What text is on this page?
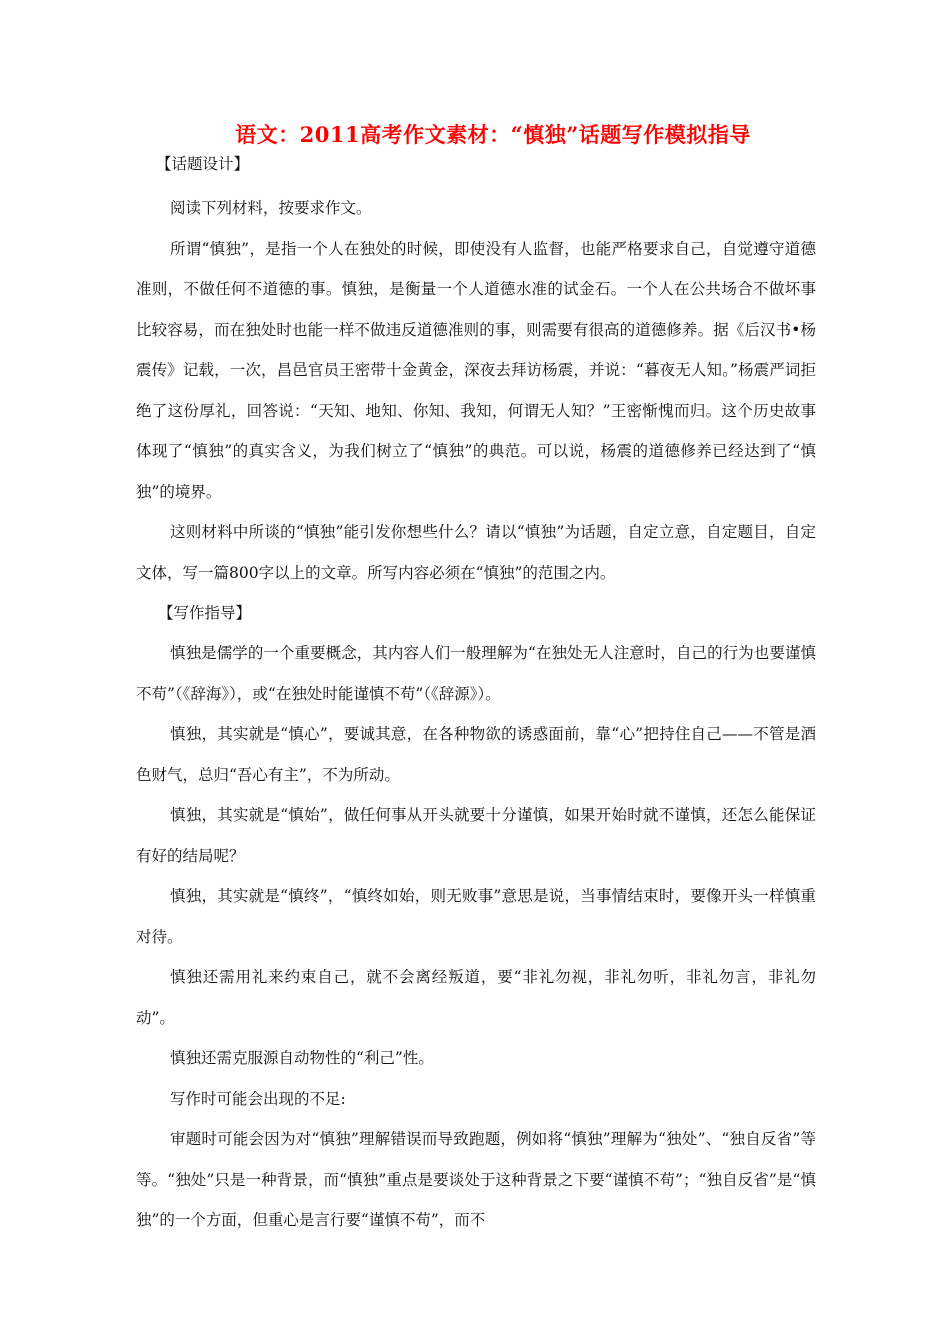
语文：2011高考作文素材：“慎独”话题写作模拟指导
【话题设计】

阅读下列材料，按要求作文。

所谓“慎独”，是指一个人在独处的时候，即使没有人监督，也能严格要求自己，自觉遵守道德准则，不做任何不道德的事。慎独，是衡量一个人道德水准的试金石。一个人在公共场合不做坏事比较容易，而在独处时也能一样不做违反道德准则的事，则需要有很高的道德修养。据《后汉书•杨震传》记载，一次，昌邑官员王密带十金黄金，深夜去拜访杨震，并说：“暮夜无人知。”杨震严词拒绝了这份厚礼，回答说：“天知、地知、你知、我知，何谓无人知？”王密惭愧而归。这个历史故事体现了“慎独”的真实含义，为我们树立了“慎独”的典范。可以说，杨震的道德修养已经达到了“慎独”的境界。

这则材料中所谈的“慎独”能引发你想些什么？请以“慎独”为话题，自定立意，自定题目，自定文体，写一篇800字以上的文章。所写内容必须在“慎独”的范围之内。

【写作指导】

慎独是儒学的一个重要概念，其内容人们一般理解为“在独处无人注意时，自己的行为也要谨慎不苟”（《辞海》），或“在独处时能谨慎不苟”（《辞源》）。

慎独，其实就是“慎心”，要诚其意，在各种物欲的诱惑面前，靠“心”把持住自己——不管是酒色财气，总归“吾心有主”，不为所动。

慎独，其实就是“慎始”，做任何事从开头就要十分谨慎，如果开始时就不谨慎，还怎么能保证有好的结局呢？

慎独，其实就是“慎终”，“慎终如始，则无败事”意思是说，当事情结束时，要像开头一样慎重对待。

慎独还需用礼来约束自己，就不会离经叛道，要“非礼勿视，非礼勿听，非礼勿言，非礼勿动”。

慎独还需克服源自动物性的“利己”性。

写作时可能会出现的不足:

审题时可能会因为对“慎独”理解错误而导致跑题，例如将“慎独”理解为“独处”、“独自反省”等等。“独处”只是一种背景，而“慎独”重点是要谈处于这种背景之下要“谨慎不苟”；“独自反省”是“慎独”的一个方面，但重心是言行要“谨慎不苟”，而不
